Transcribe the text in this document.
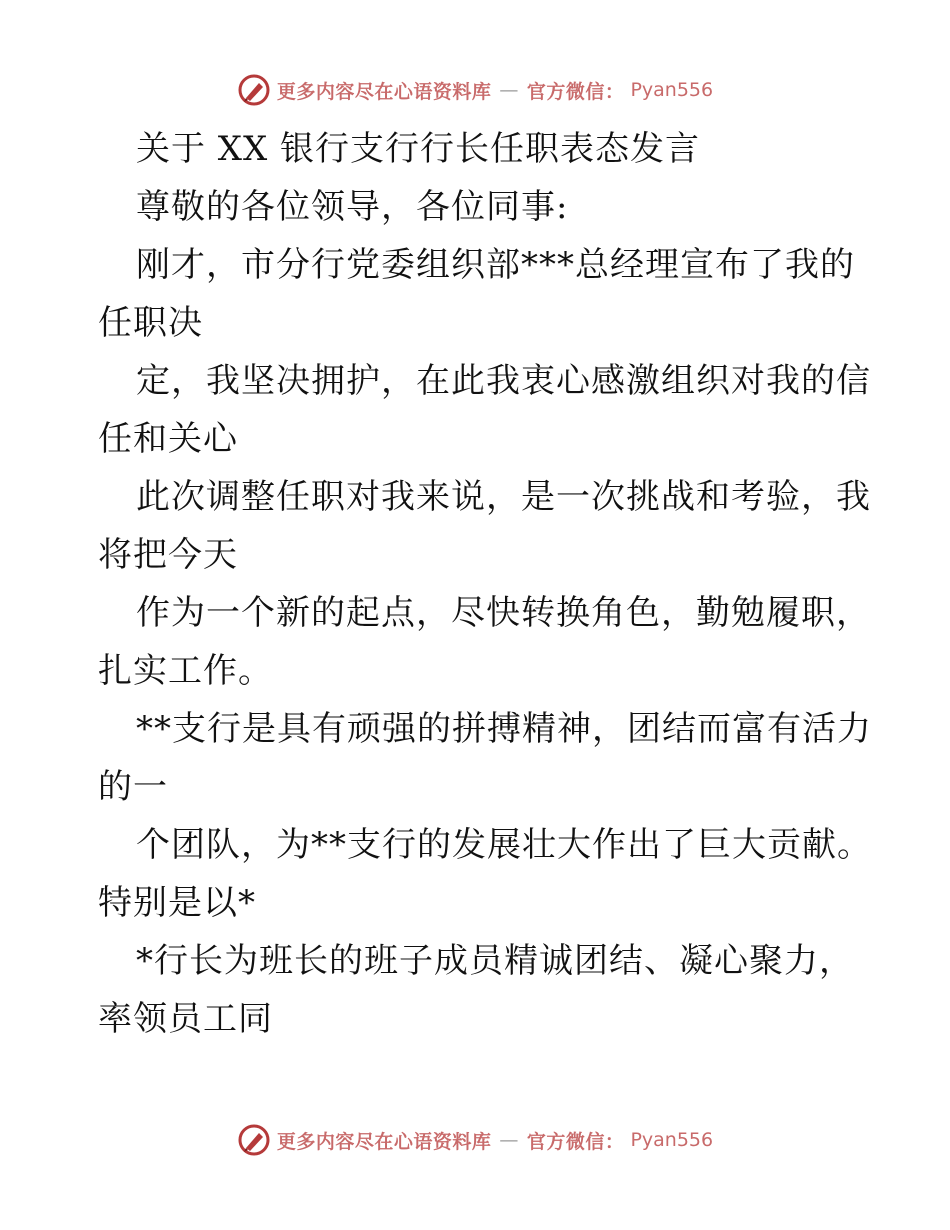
更多内容尽在心语资料库 — 官方微信： Pyan556
关于 XX 银行支行行长任职表态发言
尊敬的各位领导，各位同事:
刚才，市分行党委组织部***总经理宣布了我的
任职决
定，我坚决拥护，在此我衷心感激组织对我的信
任和关心
此次调整任职对我来说，是一次挑战和考验，我
将把今天
作为一个新的起点，尽快转换角色，勤勉履职，
扎实工作。
**支行是具有顽强的拼搏精神，团结而富有活力
的一
个团队，为**支行的发展壮大作出了巨大贡献。
特别是以*
*行长为班长的班子成员精诚团结、凝心聚力，
率领员工同
更多内容尽在心语资料库 — 官方微信： Pyan556
